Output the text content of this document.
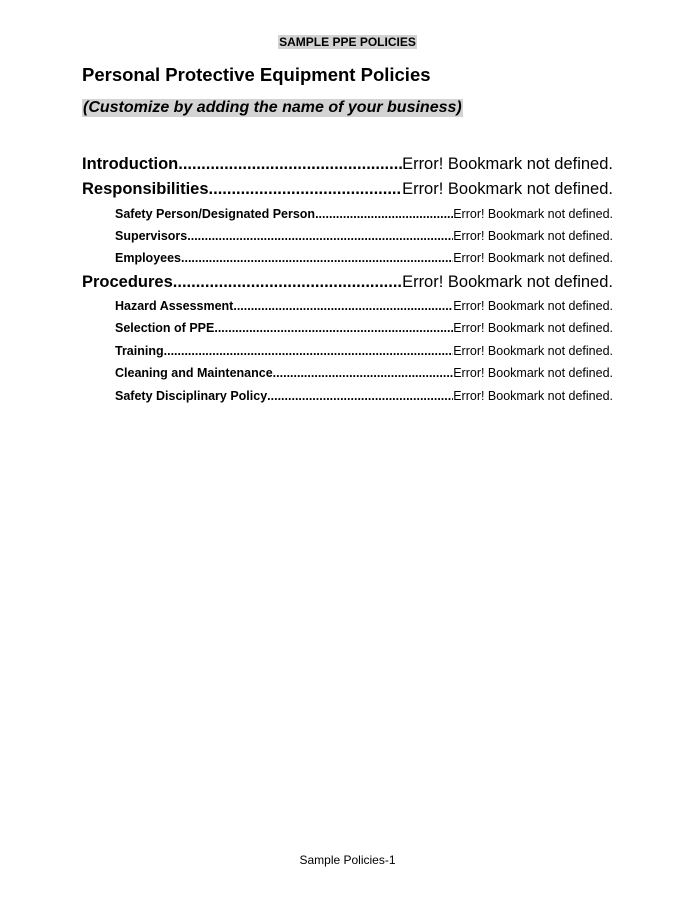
SAMPLE PPE POLICIES
Personal Protective Equipment Policies
(Customize by adding the name of your business)
Introduction .....	Error! Bookmark not defined.
Responsibilities .....	Error! Bookmark not defined.
Safety Person/Designated Person .....	Error! Bookmark not defined.
Supervisors .....	Error! Bookmark not defined.
Employees .....	Error! Bookmark not defined.
Procedures .....	Error! Bookmark not defined.
Hazard Assessment .....	Error! Bookmark not defined.
Selection of PPE .....	Error! Bookmark not defined.
Training .....	Error! Bookmark not defined.
Cleaning and Maintenance .....	Error! Bookmark not defined.
Safety Disciplinary Policy .....	Error! Bookmark not defined.
Sample Policies-1
